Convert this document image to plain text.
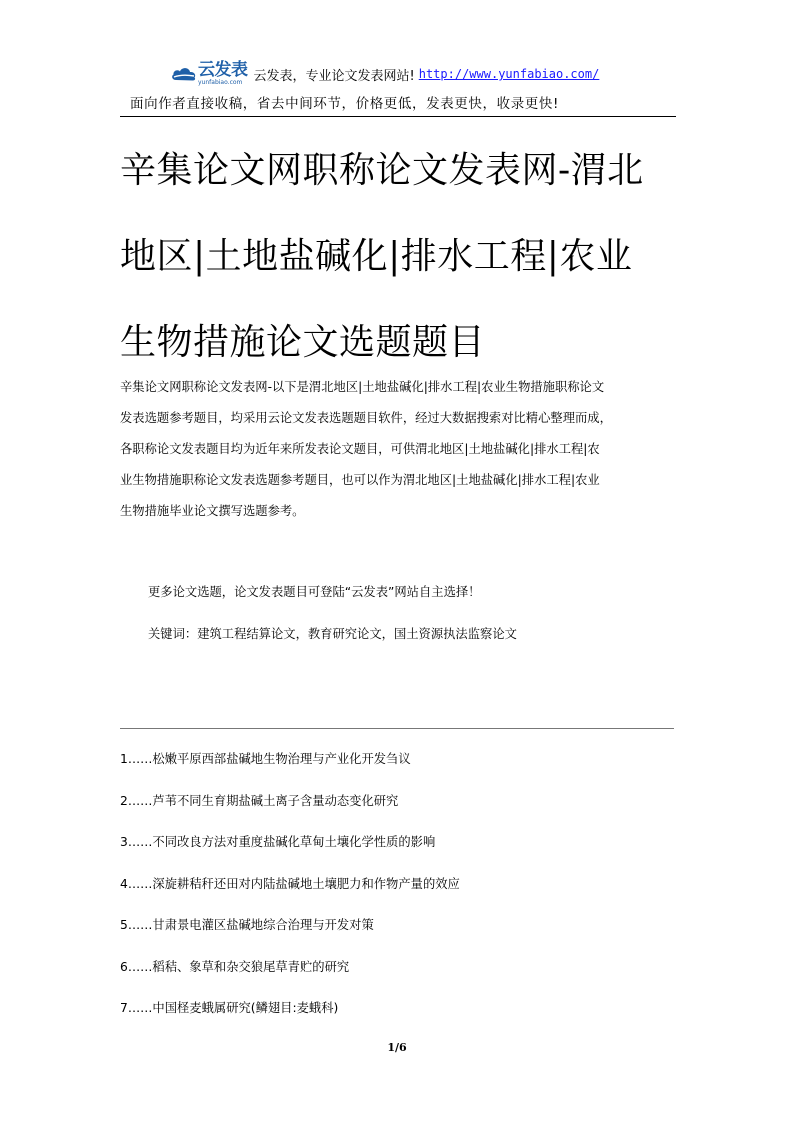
云发表
yunfabiao.com 云发表，专业论文发表网站! http://www.yunfabiao.com/
面向作者直接收稿，省去中间环节，价格更低，发表更快，收录更快!
辛集论文网职称论文发表网-渭北
地区|土地盐碱化|排水工程|农业
生物措施论文选题题目
辛集论文网职称论文发表网-以下是渭北地区|土地盐碱化|排水工程|农业生物措施职称论文
发表选题参考题目，均采用云论文发表选题题目软件，经过大数据搜索对比精心整理而成，
各职称论文发表题目均为近年来所发表论文题目，可供渭北地区|土地盐碱化|排水工程|农
业生物措施职称论文发表选题参考题目，也可以作为渭北地区|土地盐碱化|排水工程|农业
生物措施毕业论文撰写选题参考。
更多论文选题，论文发表题目可登陆“云发表”网站自主选择！
关键词：建筑工程结算论文，教育研究论文，国土资源执法监察论文
1……松嫩平原西部盐碱地生物治理与产业化开发刍议
2……芦苇不同生育期盐碱土离子含量动态变化研究
3……不同改良方法对重度盐碱化草甸土壤化学性质的影响
4……深旋耕秸秆还田对内陆盐碱地土壤肥力和作物产量的效应
5……甘肃景电灌区盐碱地综合治理与开发对策
6……稻秸、象草和杂交狼尾草青贮的研究
7……中国柽麦蛾属研究(鳞翅目:麦蛾科)
1/6
